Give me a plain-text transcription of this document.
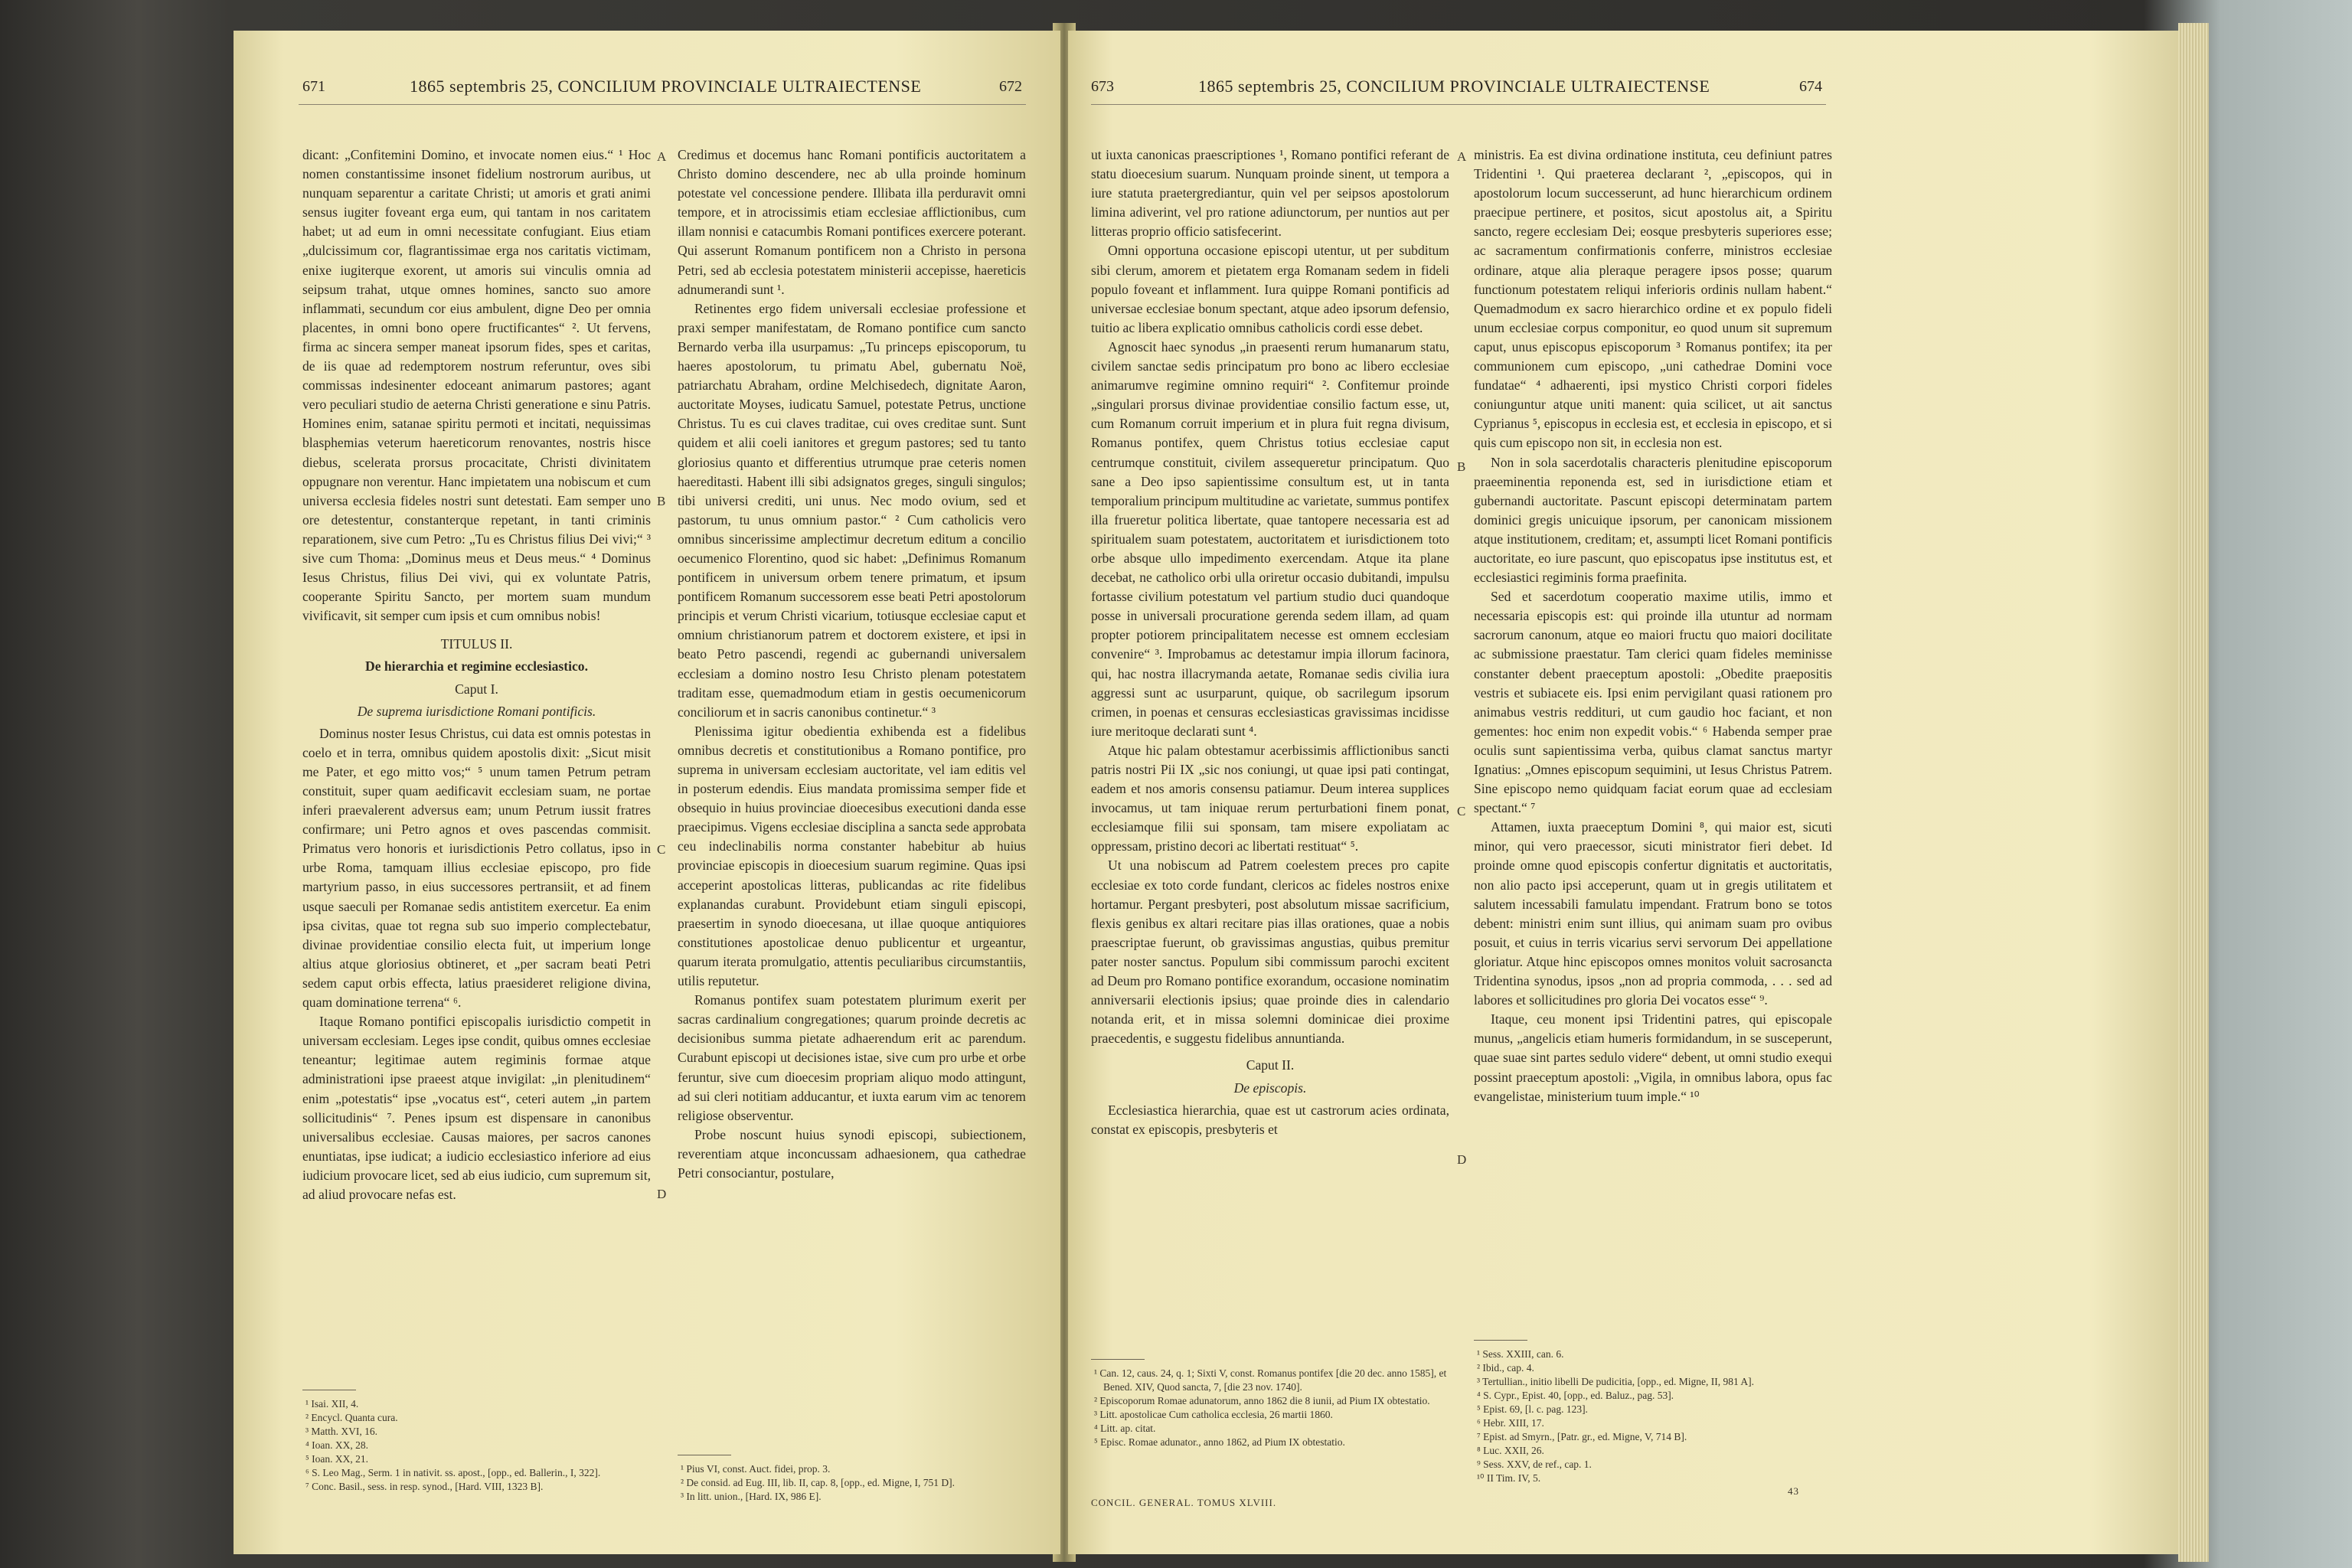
671	1865 septembris 25, CONCILIUM PROVINCIALE ULTRAIECTENSE	672

dicant: „Confitemini Domino, et invocate nomen eius.“ ¹ Hoc nomen constantissime insonet fidelium nostrorum auribus, ut nunquam separentur a caritate Christi; ut amoris et grati animi sensus iugiter foveant erga eum, qui tantam in nos caritatem habet; ut ad eum in omni necessitate confugiant. Eius etiam „dulcissimum cor, flagrantissimae erga nos caritatis victimam, enixe iugiterque exorent, ut amoris sui vinculis omnia ad seipsum trahat, utque omnes homines, sancto suo amore inflammati, secundum cor eius ambulent, digne Deo per omnia placentes, in omni bono opere fructificantes“ ². Ut fervens, firma ac sincera semper maneat ipsorum fides, spes et caritas, de iis quae ad redemptorem nostrum referuntur, oves sibi commissas indesinenter edoceant animarum pastores; agant vero peculiari studio de aeterna Christi generatione e sinu Patris. Homines enim, satanae spiritu permoti et incitati, nequissimas blasphemias veterum haereticorum renovantes, nostris hisce diebus, scelerata prorsus procacitate, Christi divinitatem oppugnare non verentur. Hanc impietatem una nobiscum et cum universa ecclesia fideles nostri sunt detestati. Eam semper uno ore detestentur, constanterque repetant, in tanti criminis reparationem, sive cum Petro: „Tu es Christus filius Dei vivi;“ ³ sive cum Thoma: „Dominus meus et Deus meus.“ ⁴ Dominus Iesus Christus, filius Dei vivi, qui ex voluntate Patris, cooperante Spiritu Sancto, per mortem suam mundum vivificavit, sit semper cum ipsis et cum omnibus nobis!

TITULUS II.
De hierarchia et regimine ecclesiastico.
Caput I.
De suprema iurisdictione Romani pontificis.

Dominus noster Iesus Christus, cui data est omnis potestas in coelo et in terra, omnibus quidem apostolis dixit: „Sicut misit me Pater, et ego mitto vos;“ ⁵ unum tamen Petrum petram constituit, super quam aedificavit ecclesiam suam, ne portae inferi praevalerent adversus eam; unum Petrum iussit fratres confirmare; uni Petro agnos et oves pascendas commisit. Primatus vero honoris et iurisdictionis Petro collatus, ipso in urbe Roma, tamquam illius ecclesiae episcopo, pro fide martyrium passo, in eius successores pertransiit, et ad finem usque saeculi per Romanae sedis antistitem exercetur. Ea enim ipsa civitas, quae tot regna sub suo imperio complectebatur, divinae providentiae consilio electa fuit, ut imperium longe altius atque gloriosius obtineret, et „per sacram beati Petri sedem caput orbis effecta, latius praesideret religione divina, quam dominatione terrena“ ⁶.

Itaque Romano pontifici episcopalis iurisdictio competit in universam ecclesiam. Leges ipse condit, quibus omnes ecclesiae teneantur; legitimae autem regiminis formae atque administrationi ipse praeest atque invigilat: „in plenitudinem“ enim „potestatis“ ipse „vocatus est“, ceteri autem „in partem sollicitudinis“ ⁷. Penes ipsum est dispensare in canonibus universalibus ecclesiae. Causas maiores, per sacros canones enuntiatas, ipse iudicat; a iudicio ecclesiastico inferiore ad eius iudicium provocare licet, sed ab eius iudicio, cum supremum sit, ad aliud provocare nefas est.

Credimus et docemus hanc Romani pontificis auctoritatem a Christo domino descendere, nec ab ulla proinde hominum potestate vel concessione pendere. Illibata illa perduravit omni tempore, et in atrocissimis etiam ecclesiae afflictionibus, cum illam nonnisi e catacumbis Romani pontifices exercere poterant. Qui asserunt Romanum pontificem non a Christo in persona Petri, sed ab ecclesia potestatem ministerii accepisse, haereticis adnumerandi sunt ¹.

Retinentes ergo fidem universali ecclesiae professione et praxi semper manifestatam, de Romano pontifice cum sancto Bernardo verba illa usurpamus: „Tu princeps episcoporum, tu haeres apostolorum, tu primatu Abel, gubernatu Noë, patriarchatu Abraham, ordine Melchisedech, dignitate Aaron, auctoritate Moyses, iudicatu Samuel, potestate Petrus, unctione Christus. Tu es cui claves traditae, cui oves creditae sunt. Sunt quidem et alii coeli ianitores et gregum pastores; sed tu tanto gloriosius quanto et differentius utrumque prae ceteris nomen haereditasti. Habent illi sibi adsignatos greges, singuli singulos; tibi universi crediti, uni unus. Nec modo ovium, sed et pastorum, tu unus omnium pastor.“ ² Cum catholicis vero omnibus sincerissime amplectimur decretum editum a concilio oecumenico Florentino, quod sic habet: „Definimus Romanum pontificem in universum orbem tenere primatum, et ipsum pontificem Romanum successorem esse beati Petri apostolorum principis et verum Christi vicarium, totiusque ecclesiae caput et omnium christianorum patrem et doctorem existere, et ipsi in beato Petro pascendi, regendi ac gubernandi universalem ecclesiam a domino nostro Iesu Christo plenam potestatem traditam esse, quemadmodum etiam in gestis oecumenicorum conciliorum et in sacris canonibus continetur.“ ³

Plenissima igitur obedientia exhibenda est a fidelibus omnibus decretis et constitutionibus a Romano pontifice, pro suprema in universam ecclesiam auctoritate, vel iam editis vel in posterum edendis. Eius mandata promissima semper fide et obsequio in huius provinciae dioecesibus executioni danda esse praecipimus. Vigens ecclesiae disciplina a sancta sede approbata ceu indeclinabilis norma constanter habebitur ab huius provinciae episcopis in dioecesium suarum regimine. Quas ipsi acceperint apostolicas litteras, publicandas ac rite fidelibus explanandas curabunt. Providebunt etiam singuli episcopi, praesertim in synodo dioecesana, ut illae quoque antiquiores constitutiones apostolicae denuo publicentur et urgeantur, quarum iterata promulgatio, attentis peculiaribus circumstantiis, utilis reputetur.

Romanus pontifex suam potestatem plurimum exerit per sacras cardinalium congregationes; quarum proinde decretis ac decisionibus summa pietate adhaerendum erit ac parendum. Curabunt episcopi ut decisiones istae, sive cum pro urbe et orbe feruntur, sive cum dioecesim propriam aliquo modo attingunt, ad sui cleri notitiam adducantur, et iuxta earum vim ac tenorem religiose observentur.

Probe noscunt huius synodi episcopi, subiectionem, reverentiam atque inconcussam adhaesionem, qua cathedrae Petri consociantur, postulare,

A
B
C
D
¹ Isai. XII, 4.
² Encycl. Quanta cura.
³ Matth. XVI, 16.
⁴ Ioan. XX, 28.
⁵ Ioan. XX, 21.
⁶ S. Leo Mag., Serm. 1 in nativit. ss. apost., [opp., ed. Ballerin., I, 322].
⁷ Conc. Basil., sess. in resp. synod., [Hard. VIII, 1323 B].
¹ Pius VI, const. Auct. fidei, prop. 3.
² De consid. ad Eug. III, lib. II, cap. 8, [opp., ed. Migne, I, 751 D].
³ In litt. union., [Hard. IX, 986 E].
673	1865 septembris 25, CONCILIUM PROVINCIALE ULTRAIECTENSE	674

ut iuxta canonicas praescriptiones ¹, Romano pontifici referant de statu dioecesium suarum. Nunquam proinde sinent, ut tempora a iure statuta praetergrediantur, quin vel per seipsos apostolorum limina adiverint, vel pro ratione adiunctorum, per nuntios aut per litteras proprio officio satisfecerint.

Omni opportuna occasione episcopi utentur, ut per subditum sibi clerum, amorem et pietatem erga Romanam sedem in fideli populo foveant et inflamment. Iura quippe Romani pontificis ad universae ecclesiae bonum spectant, atque adeo ipsorum defensio, tuitio ac libera explicatio omnibus catholicis cordi esse debet.

Agnoscit haec synodus „in praesenti rerum humanarum statu, civilem sanctae sedis principatum pro bono ac libero ecclesiae animarumve regimine omnino requiri“ ². Confitemur proinde „singulari prorsus divinae providentiae consilio factum esse, ut, cum Romanum corruit imperium et in plura fuit regna divisum, Romanus pontifex, quem Christus totius ecclesiae caput centrumque constituit, civilem assequeretur principatum. Quo sane a Deo ipso sapientissime consultum est, ut in tanta temporalium principum multitudine ac varietate, summus pontifex illa frueretur politica libertate, quae tantopere necessaria est ad spiritualem suam potestatem, auctoritatem et iurisdictionem toto orbe absque ullo impedimento exercendam. Atque ita plane decebat, ne catholico orbi ulla oriretur occasio dubitandi, impulsu fortasse civilium potestatum vel partium studio duci quandoque posse in universali procuratione gerenda sedem illam, ad quam propter potiorem principalitatem necesse est omnem ecclesiam convenire“ ³. Improbamus ac detestamur impia illorum facinora, qui, hac nostra illacrymanda aetate, Romanae sedis civilia iura aggressi sunt ac usurparunt, quique, ob sacrilegum ipsorum crimen, in poenas et censuras ecclesiasticas gravissimas incidisse iure meritoque declarati sunt ⁴.

Atque hic palam obtestamur acerbissimis afflictionibus sancti patris nostri Pii IX „sic nos coniungi, ut quae ipsi pati contingat, eadem et nos amoris consensu patiamur. Deum interea supplices invocamus, ut tam iniquae rerum perturbationi finem ponat, ecclesiamque filii sui sponsam, tam misere expoliatam ac oppressam, pristino decori ac libertati restituat“ ⁵.

Ut una nobiscum ad Patrem coelestem preces pro capite ecclesiae ex toto corde fundant, clericos ac fideles nostros enixe hortamur. Pergant presbyteri, post absolutum missae sacrificium, flexis genibus ex altari recitare pias illas orationes, quae a nobis praescriptae fuerunt, ob gravissimas angustias, quibus premitur pater noster sanctus. Populum sibi commissum parochi excitent ad Deum pro Romano pontifice exorandum, occasione nominatim anniversarii electionis ipsius; quae proinde dies in calendario notanda erit, et in missa solemni dominicae diei proxime praecedentis, e suggestu fidelibus annuntianda.

Caput II.
De episcopis.

Ecclesiastica hierarchia, quae est ut castrorum acies ordinata, constat ex episcopis, presbyteris et

ministris. Ea est divina ordinatione instituta, ceu definiunt patres Tridentini ¹. Qui praeterea declarant ², „episcopos, qui in apostolorum locum successerunt, ad hunc hierarchicum ordinem praecipue pertinere, et positos, sicut apostolus ait, a Spiritu sancto, regere ecclesiam Dei; eosque presbyteris superiores esse; ac sacramentum confirmationis conferre, ministros ecclesiae ordinare, atque alia pleraque peragere ipsos posse; quarum functionum potestatem reliqui inferioris ordinis nullam habent.“ Quemadmodum ex sacro hierarchico ordine et ex populo fideli unum ecclesiae corpus componitur, eo quod unum sit supremum caput, unus episcopus episcoporum ³ Romanus pontifex; ita per communionem cum episcopo, „uni cathedrae Domini voce fundatae“ ⁴ adhaerenti, ipsi mystico Christi corpori fideles coniunguntur atque uniti manent: quia scilicet, ut ait sanctus Cyprianus ⁵, episcopus in ecclesia est, et ecclesia in episcopo, et si quis cum episcopo non sit, in ecclesia non est.

Non in sola sacerdotalis characteris plenitudine episcoporum praeeminentia reponenda est, sed in iurisdictione etiam et gubernandi auctoritate. Pascunt episcopi determinatam partem dominici gregis unicuique ipsorum, per canonicam missionem atque institutionem, creditam; et, assumpti licet Romani pontificis auctoritate, eo iure pascunt, quo episcopatus ipse institutus est, et ecclesiastici regiminis forma praefinita.

Sed et sacerdotum cooperatio maxime utilis, immo et necessaria episcopis est: qui proinde illa utuntur ad normam sacrorum canonum, atque eo maiori fructu quo maiori docilitate ac submissione praestatur. Tam clerici quam fideles meminisse constanter debent praeceptum apostoli: „Obedite praepositis vestris et subiacete eis. Ipsi enim pervigilant quasi rationem pro animabus vestris reddituri, ut cum gaudio hoc faciant, et non gementes: hoc enim non expedit vobis.“ ⁶ Habenda semper prae oculis sunt sapientissima verba, quibus clamat sanctus martyr Ignatius: „Omnes episcopum sequimini, ut Iesus Christus Patrem. Sine episcopo nemo quidquam faciat eorum quae ad ecclesiam spectant.“ ⁷

Attamen, iuxta praeceptum Domini ⁸, qui maior est, sicuti minor, qui vero praecessor, sicuti ministrator fieri debet. Id proinde omne quod episcopis confertur dignitatis et auctoritatis, non alio pacto ipsi acceperunt, quam ut in gregis utilitatem et salutem incessabili famulatu impendant. Fratrum bono se totos debent: ministri enim sunt illius, qui animam suam pro ovibus posuit, et cuius in terris vicarius servi servorum Dei appellatione gloriatur. Atque hinc episcopos omnes monitos voluit sacrosancta Tridentina synodus, ipsos „non ad propria commoda, . . . sed ad labores et sollicitudines pro gloria Dei vocatos esse“ ⁹.

Itaque, ceu monent ipsi Tridentini patres, qui episcopale munus, „angelicis etiam humeris formidandum, in se susceperunt, quae suae sint partes sedulo videre“ debent, ut omni studio exequi possint praeceptum apostoli: „Vigila, in omnibus labora, opus fac evangelistae, ministerium tuum imple.“ ¹⁰

A
B
C
D
¹ Can. 12, caus. 24, q. 1; Sixti V, const. Romanus pontifex [die 20 dec. anno 1585], et Bened. XIV, Quod sancta, 7, [die 23 nov. 1740].
² Episcoporum Romae adunatorum, anno 1862 die 8 iunii, ad Pium IX obtestatio.
³ Litt. apostolicae Cum catholica ecclesia, 26 martii 1860.
⁴ Litt. ap. citat.
⁵ Episc. Romae adunator., anno 1862, ad Pium IX obtestatio.
CONCIL. GENERAL. TOMUS XLVIII.
¹ Sess. XXIII, can. 6.
² Ibid., cap. 4.
³ Tertullian., initio libelli De pudicitia, [opp., ed. Migne, II, 981 A].
⁴ S. Cypr., Epist. 40, [opp., ed. Baluz., pag. 53].
⁵ Epist. 69, [l. c. pag. 123].
⁶ Hebr. XIII, 17.
⁷ Epist. ad Smyrn., [Patr. gr., ed. Migne, V, 714 B].
⁸ Luc. XXII, 26.
⁹ Sess. XXV, de ref., cap. 1.
¹⁰ II Tim. IV, 5.
43
